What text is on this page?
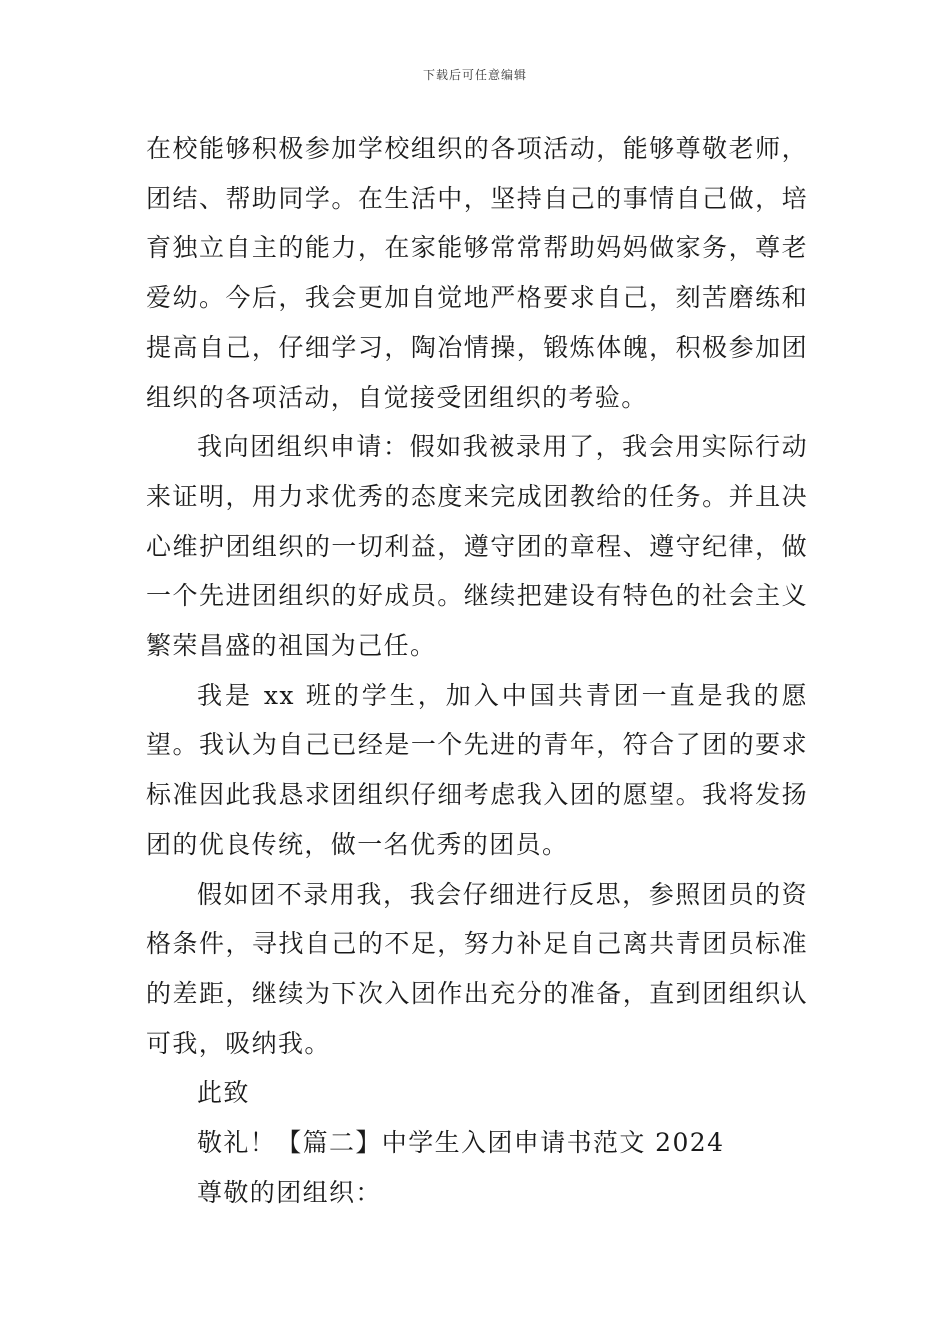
下载后可任意编辑

在校能够积极参加学校组织的各项活动，能够尊敬老师，团结、帮助同学。在生活中，坚持自己的事情自己做，培育独立自主的能力，在家能够常常帮助妈妈做家务，尊老爱幼。今后，我会更加自觉地严格要求自己，刻苦磨练和提高自己，仔细学习，陶冶情操，锻炼体魄，积极参加团组织的各项活动，自觉接受团组织的考验。

我向团组织申请：假如我被录用了，我会用实际行动来证明，用力求优秀的态度来完成团教给的任务。并且决心维护团组织的一切利益，遵守团的章程、遵守纪律，做一个先进团组织的好成员。继续把建设有特色的社会主义繁荣昌盛的祖国为己任。

我是 xx 班的学生，加入中国共青团一直是我的愿望。我认为自己已经是一个先进的青年，符合了团的要求标准因此我恳求团组织仔细考虑我入团的愿望。我将发扬团的优良传统，做一名优秀的团员。

假如团不录用我，我会仔细进行反思，参照团员的资格条件，寻找自己的不足，努力补足自己离共青团员标准的差距，继续为下次入团作出充分的准备，直到团组织认可我，吸纳我。

此致

敬礼！【篇二】中学生入团申请书范文 2024

尊敬的团组织：
